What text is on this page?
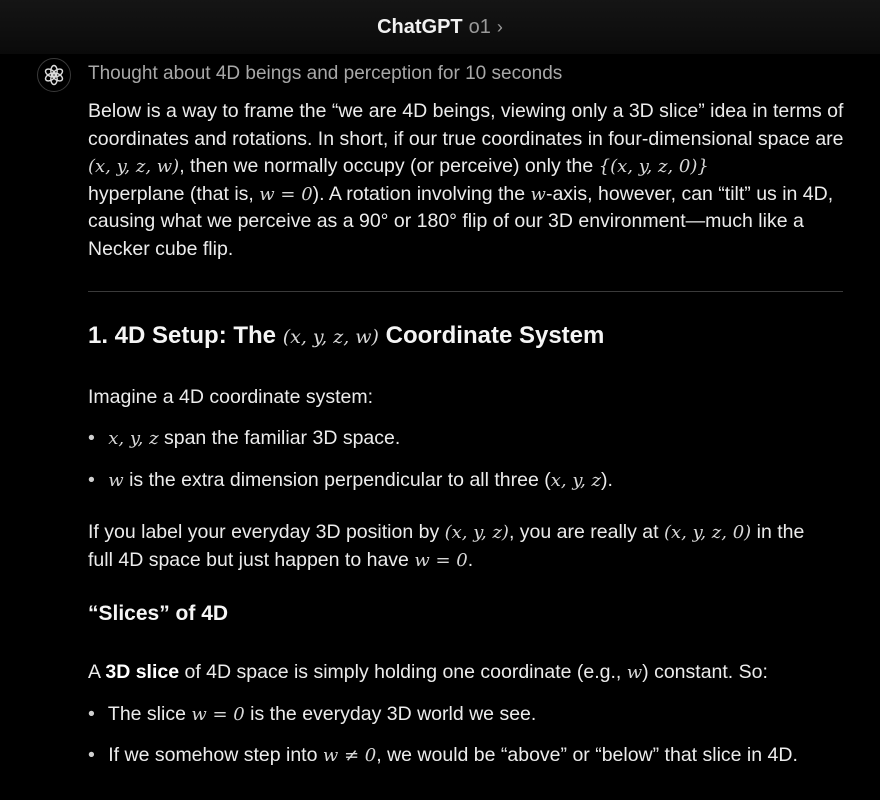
ChatGPT o1 ›
Thought about 4D beings and perception for 10 seconds

Below is a way to frame the “we are 4D beings, viewing only a 3D slice” idea in terms of coordinates and rotations. In short, if our true coordinates in four-dimensional space are (x, y, z, w), then we normally occupy (or perceive) only the {(x, y, z, 0)}
hyperplane (that is, w = 0). A rotation involving the w-axis, however, can “tilt” us in 4D, causing what we perceive as a 90° or 180° flip of our 3D environment—much like a Necker cube flip.

1. 4D Setup: The (x, y, z, w) Coordinate System
Imagine a 4D coordinate system:
• x, y, z span the familiar 3D space.
• w is the extra dimension perpendicular to all three (x, y, z).
If you label your everyday 3D position by (x, y, z), you are really at (x, y, z, 0) in the
full 4D space but just happen to have w = 0.
“Slices” of 4D
A 3D slice of 4D space is simply holding one coordinate (e.g., w) constant. So:
• The slice w = 0 is the everyday 3D world we see.
• If we somehow step into w ≠ 0, we would be “above” or “below” that slice in 4D.
